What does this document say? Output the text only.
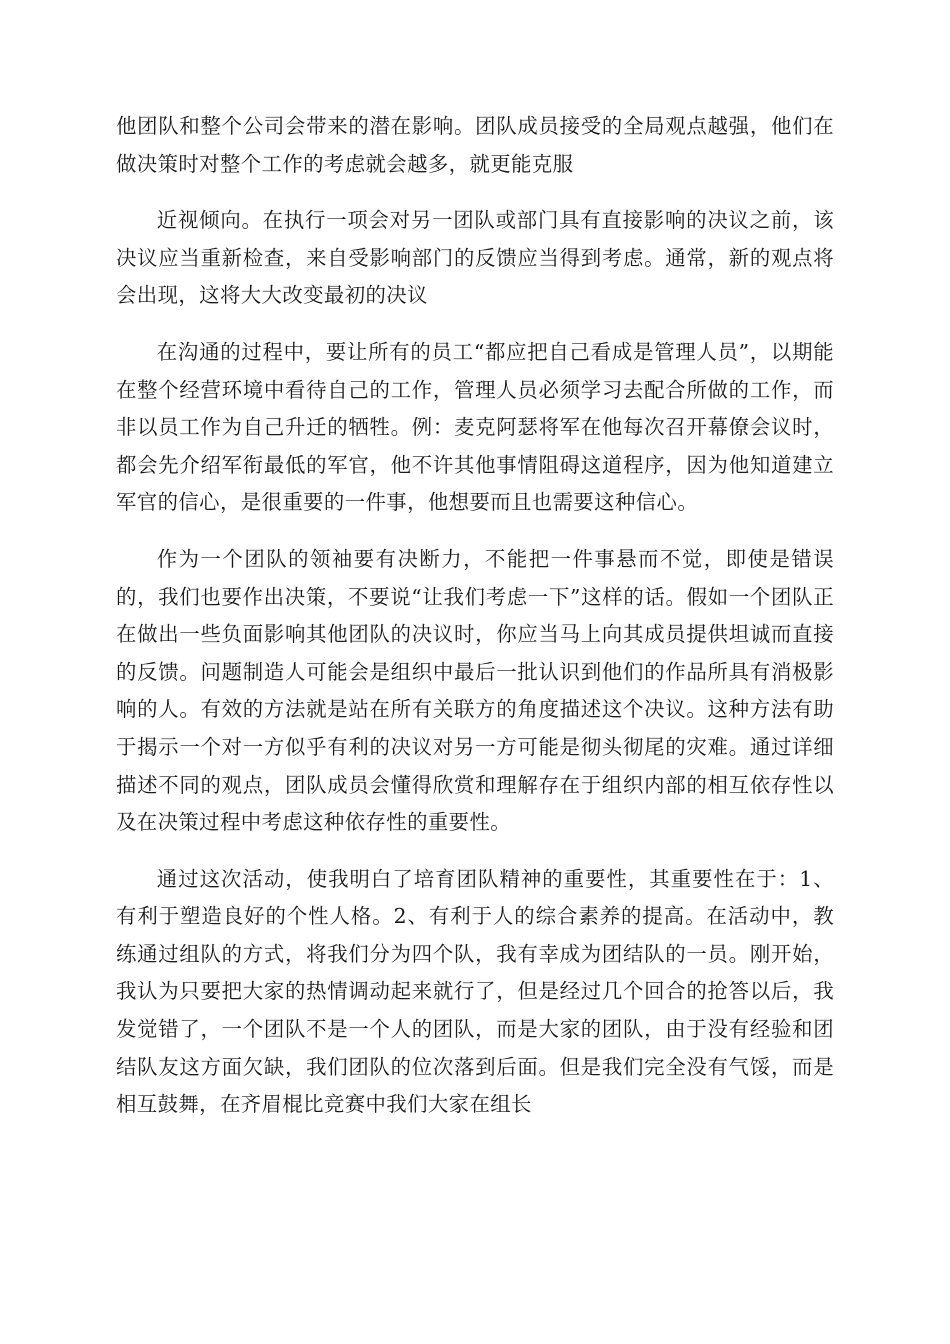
他团队和整个公司会带来的潜在影响。团队成员接受的全局观点越强，他们在做决策时对整个工作的考虑就会越多，就更能克服

近视倾向。在执行一项会对另一团队或部门具有直接影响的决议之前，该决议应当重新检查，来自受影响部门的反馈应当得到考虑。通常，新的观点将会出现，这将大大改变最初的决议

在沟通的过程中，要让所有的员工“都应把自己看成是管理人员”，以期能在整个经营环境中看待自己的工作，管理人员必须学习去配合所做的工作，而非以员工作为自己升迁的牺牲。例：麦克阿瑟将军在他每次召开幕僚会议时，都会先介绍军衔最低的军官，他不许其他事情阻碍这道程序，因为他知道建立军官的信心，是很重要的一件事，他想要而且也需要这种信心。

作为一个团队的领袖要有决断力，不能把一件事悬而不觉，即使是错误的，我们也要作出决策，不要说“让我们考虑一下”这样的话。假如一个团队正在做出一些负面影响其他团队的决议时，你应当马上向其成员提供坦诚而直接的反馈。问题制造人可能会是组织中最后一批认识到他们的作品所具有消极影响的人。有效的方法就是站在所有关联方的角度描述这个决议。这种方法有助于揭示一个对一方似乎有利的决议对另一方可能是彻头彻尾的灾难。通过详细描述不同的观点，团队成员会懂得欣赏和理解存在于组织内部的相互依存性以及在决策过程中考虑这种依存性的重要性。

通过这次活动，使我明白了培育团队精神的重要性，其重要性在于：1、有利于塑造良好的个性人格。2、有利于人的综合素养的提高。在活动中，教练通过组队的方式，将我们分为四个队，我有幸成为团结队的一员。刚开始，我认为只要把大家的热情调动起来就行了，但是经过几个回合的抢答以后，我发觉错了，一个团队不是一个人的团队，而是大家的团队，由于没有经验和团结队友这方面欠缺，我们团队的位次落到后面。但是我们完全没有气馁，而是相互鼓舞，在齐眉棍比竞赛中我们大家在组长
